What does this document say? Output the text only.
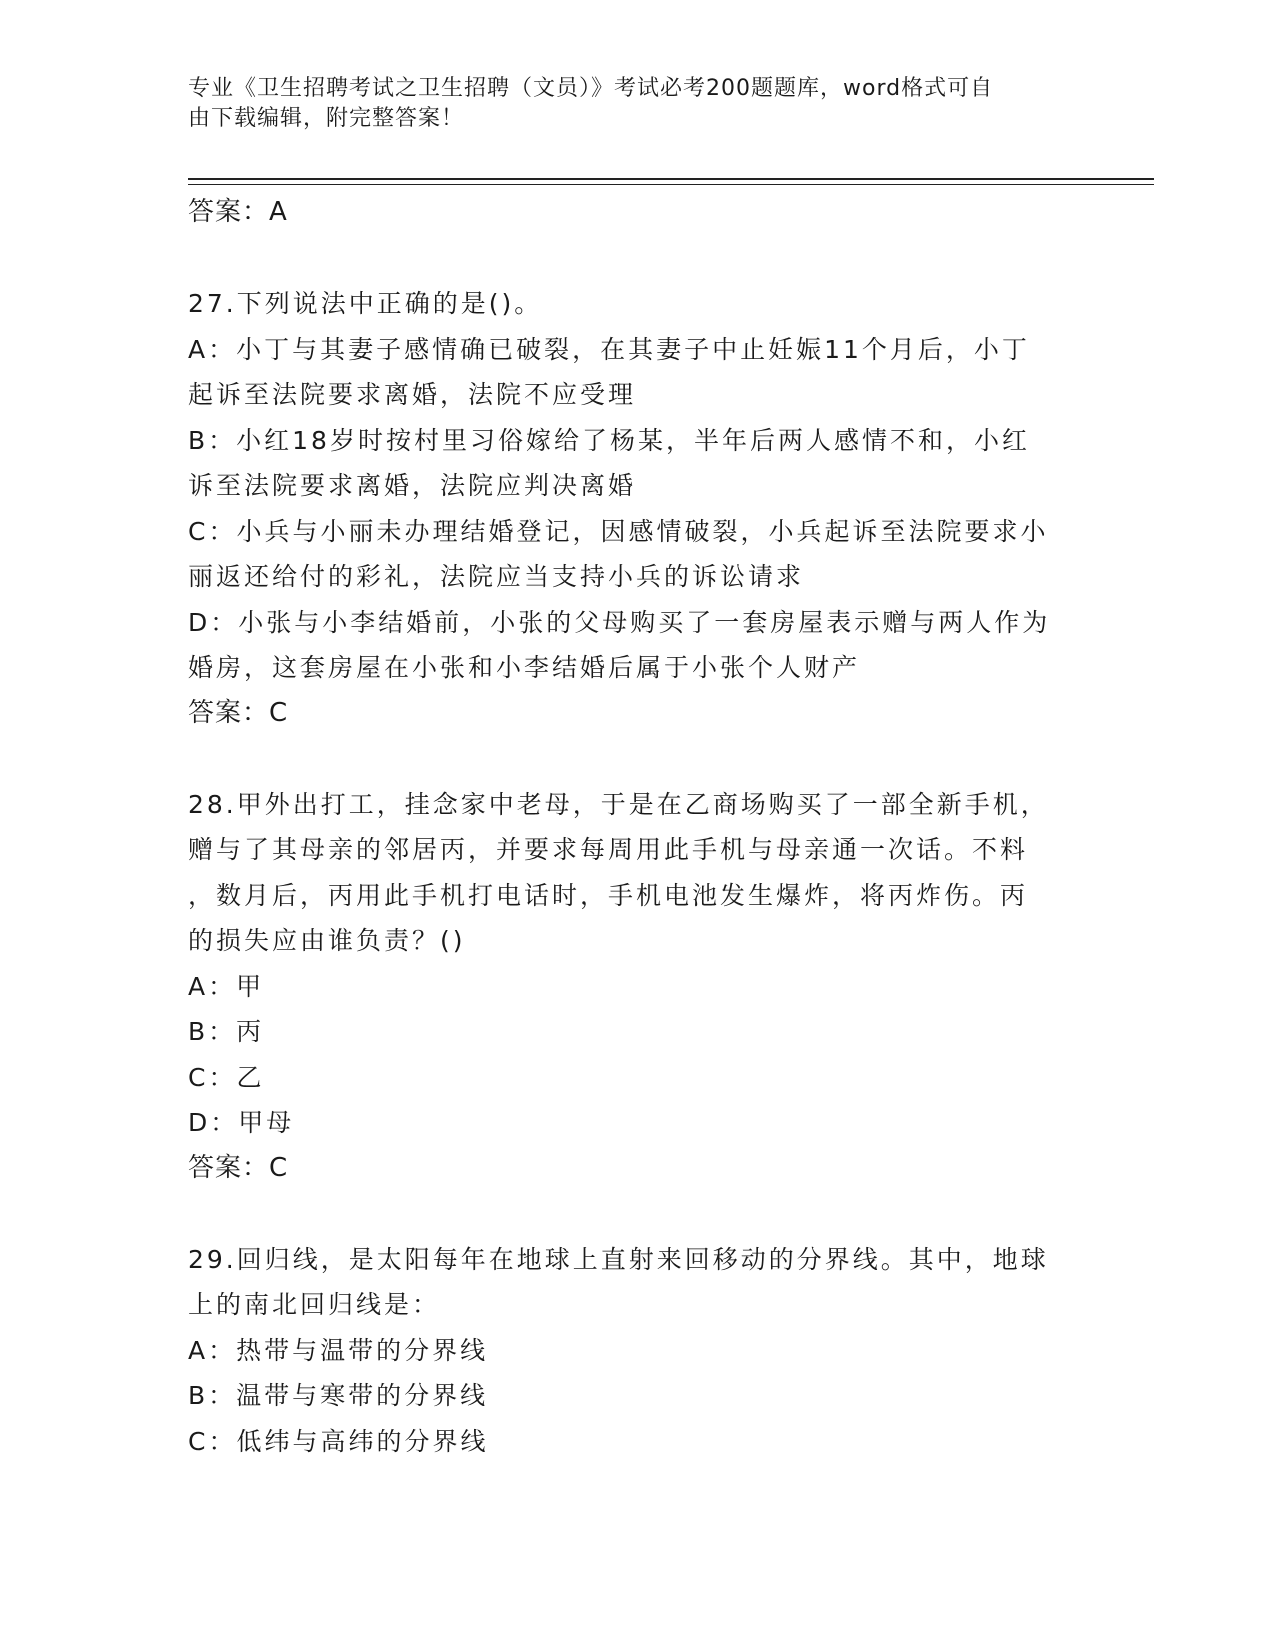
专业《卫生招聘考试之卫生招聘（文员）》考试必考200题题库，word格式可自
由下载编辑，附完整答案！
答案：A
27.下列说法中正确的是()。
A：小丁与其妻子感情确已破裂，在其妻子中止妊娠11个月后，小丁
起诉至法院要求离婚，法院不应受理
B：小红18岁时按村里习俗嫁给了杨某，半年后两人感情不和，小红
诉至法院要求离婚，法院应判决离婚
C：小兵与小丽未办理结婚登记，因感情破裂，小兵起诉至法院要求小
丽返还给付的彩礼，法院应当支持小兵的诉讼请求
D：小张与小李结婚前，小张的父母购买了一套房屋表示赠与两人作为
婚房，这套房屋在小张和小李结婚后属于小张个人财产
答案：C
28.甲外出打工，挂念家中老母，于是在乙商场购买了一部全新手机，
赠与了其母亲的邻居丙，并要求每周用此手机与母亲通一次话。不料
，数月后，丙用此手机打电话时，手机电池发生爆炸，将丙炸伤。丙
的损失应由谁负责？()
A：甲
B：丙
C：乙
D：甲母
答案：C
29.回归线，是太阳每年在地球上直射来回移动的分界线。其中，地球
上的南北回归线是：
A：热带与温带的分界线
B：温带与寒带的分界线
C：低纬与高纬的分界线
